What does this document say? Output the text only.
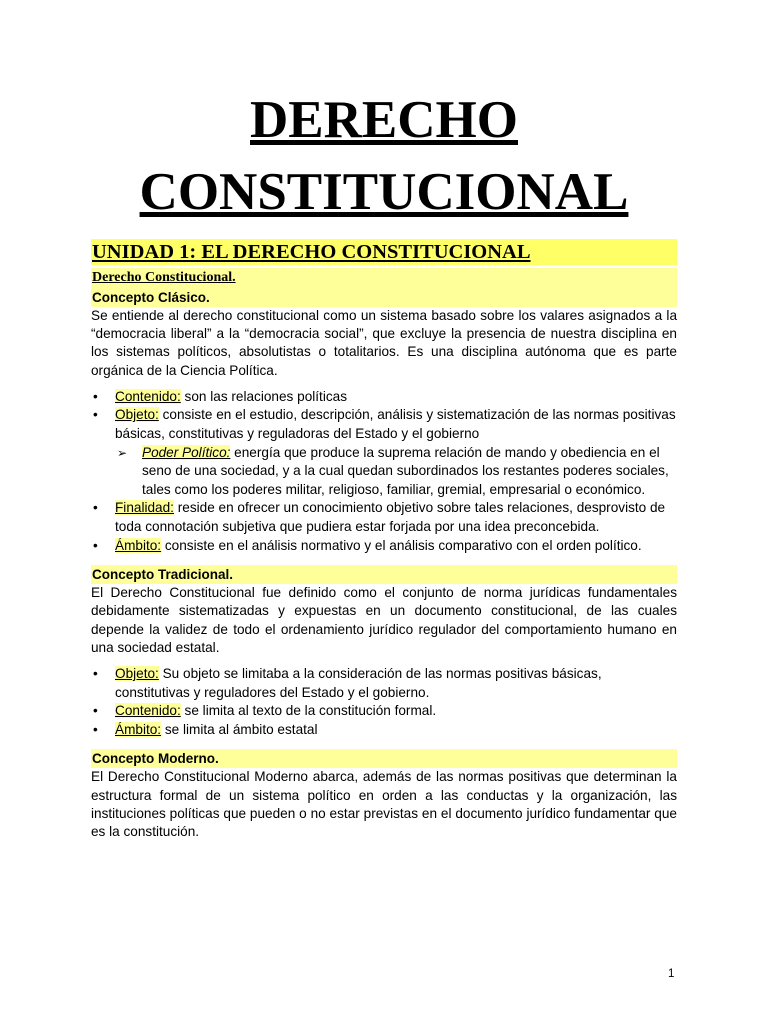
DERECHO
CONSTITUCIONAL
UNIDAD 1: EL DERECHO CONSTITUCIONAL
Derecho Constitucional.
Concepto Clásico.

Se entiende al derecho constitucional como un sistema basado sobre los valares asignados a la “democracia liberal” a la “democracia social”, que excluye la presencia de nuestra disciplina en los sistemas políticos, absolutistas o totalitarios. Es una disciplina autónoma que es parte orgánica de la Ciencia Política.

• Contenido: son las relaciones políticas
• Objeto: consiste en el estudio, descripción, análisis y sistematización de las normas positivas básicas, constitutivas y reguladoras del Estado y el gobierno
➢ Poder Político: energía que produce la suprema relación de mando y obediencia en el seno de una sociedad, y a la cual quedan subordinados los restantes poderes sociales, tales como los poderes militar, religioso, familiar, gremial, empresarial o económico.
• Finalidad: reside en ofrecer un conocimiento objetivo sobre tales relaciones, desprovisto de toda connotación subjetiva que pudiera estar forjada por una idea preconcebida.
• Ámbito: consiste en el análisis normativo y el análisis comparativo con el orden político.
Concepto Tradicional.

El Derecho Constitucional fue definido como el conjunto de norma jurídicas fundamentales debidamente sistematizadas y expuestas en un documento constitucional, de las cuales depende la validez de todo el ordenamiento jurídico regulador del comportamiento humano en una sociedad estatal.

• Objeto: Su objeto se limitaba a la consideración de las normas positivas básicas, constitutivas y reguladores del Estado y el gobierno.
• Contenido: se limita al texto de la constitución formal.
• Ámbito: se limita al ámbito estatal
Concepto Moderno.

El Derecho Constitucional Moderno abarca, además de las normas positivas que determinan la estructura formal de un sistema político en orden a las conductas y la organización, las instituciones políticas que pueden o no estar previstas en el documento jurídico fundamentar que es la constitución.

1
